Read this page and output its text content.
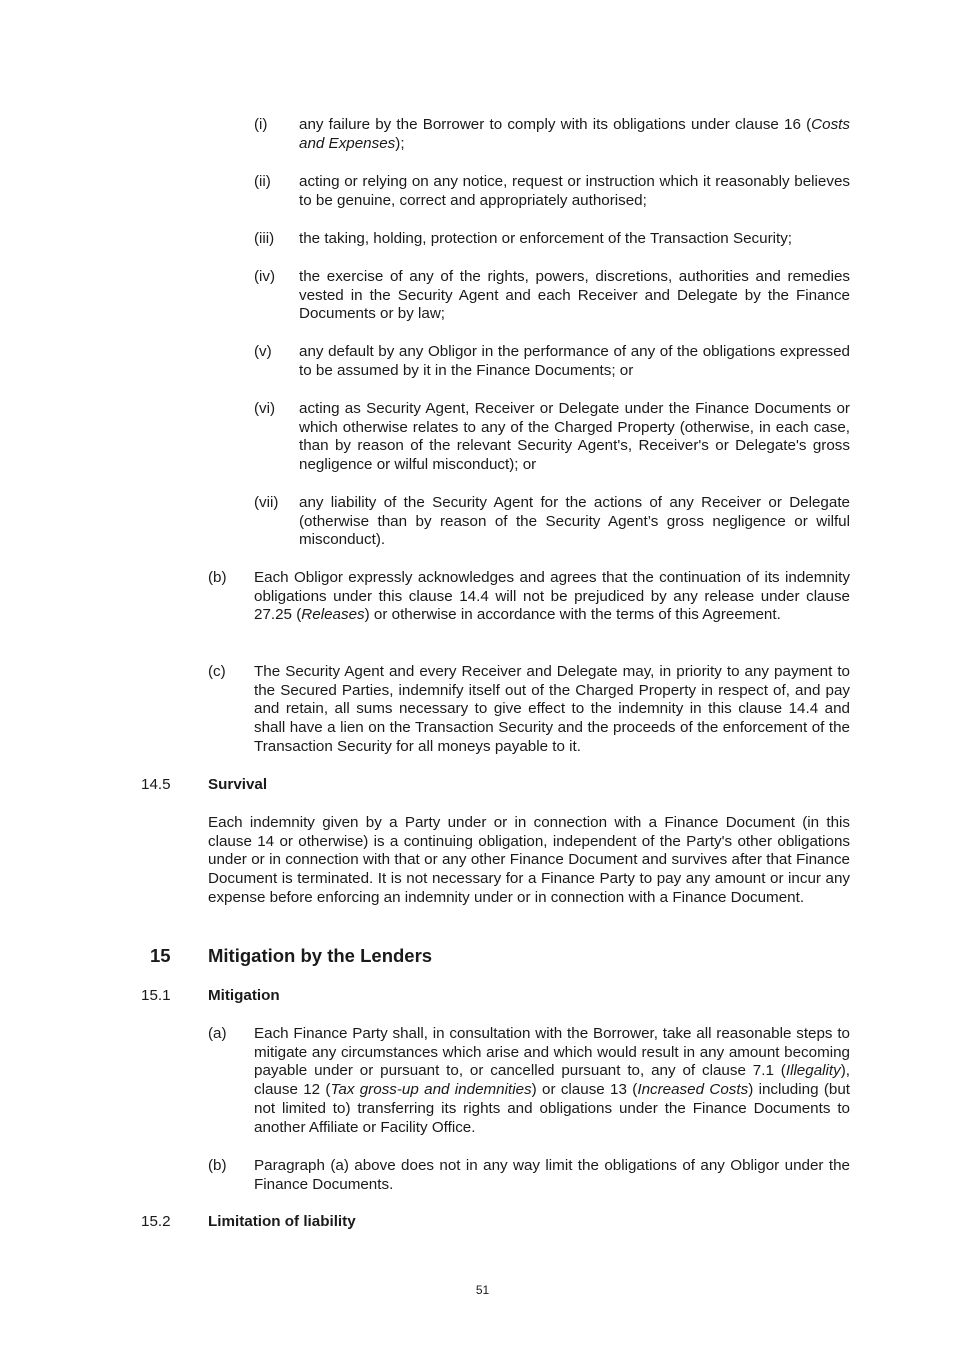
(i) any failure by the Borrower to comply with its obligations under clause 16 (Costs and Expenses);
(ii) acting or relying on any notice, request or instruction which it reasonably believes to be genuine, correct and appropriately authorised;
(iii) the taking, holding, protection or enforcement of the Transaction Security;
(iv) the exercise of any of the rights, powers, discretions, authorities and remedies vested in the Security Agent and each Receiver and Delegate by the Finance Documents or by law;
(v) any default by any Obligor in the performance of any of the obligations expressed to be assumed by it in the Finance Documents; or
(vi) acting as Security Agent, Receiver or Delegate under the Finance Documents or which otherwise relates to any of the Charged Property (otherwise, in each case, than by reason of the relevant Security Agent's, Receiver's or Delegate's gross negligence or wilful misconduct); or
(vii) any liability of the Security Agent for the actions of any Receiver or Delegate (otherwise than by reason of the Security Agent’s gross negligence or wilful misconduct).
(b) Each Obligor expressly acknowledges and agrees that the continuation of its indemnity obligations under this clause 14.4 will not be prejudiced by any release under clause 27.25 (Releases) or otherwise in accordance with the terms of this Agreement.
(c) The Security Agent and every Receiver and Delegate may, in priority to any payment to the Secured Parties, indemnify itself out of the Charged Property in respect of, and pay and retain, all sums necessary to give effect to the indemnity in this clause 14.4 and shall have a lien on the Transaction Security and the proceeds of the enforcement of the Transaction Security for all moneys payable to it.
14.5 Survival
Each indemnity given by a Party under or in connection with a Finance Document (in this clause 14 or otherwise) is a continuing obligation, independent of the Party's other obligations under or in connection with that or any other Finance Document and survives after that Finance Document is terminated. It is not necessary for a Finance Party to pay any amount or incur any expense before enforcing an indemnity under or in connection with a Finance Document.
15 Mitigation by the Lenders
15.1 Mitigation
(a) Each Finance Party shall, in consultation with the Borrower, take all reasonable steps to mitigate any circumstances which arise and which would result in any amount becoming payable under or pursuant to, or cancelled pursuant to, any of clause 7.1 (Illegality), clause 12 (Tax gross-up and indemnities) or clause 13 (Increased Costs) including (but not limited to) transferring its rights and obligations under the Finance Documents to another Affiliate or Facility Office.
(b) Paragraph (a) above does not in any way limit the obligations of any Obligor under the Finance Documents.
15.2 Limitation of liability
51
